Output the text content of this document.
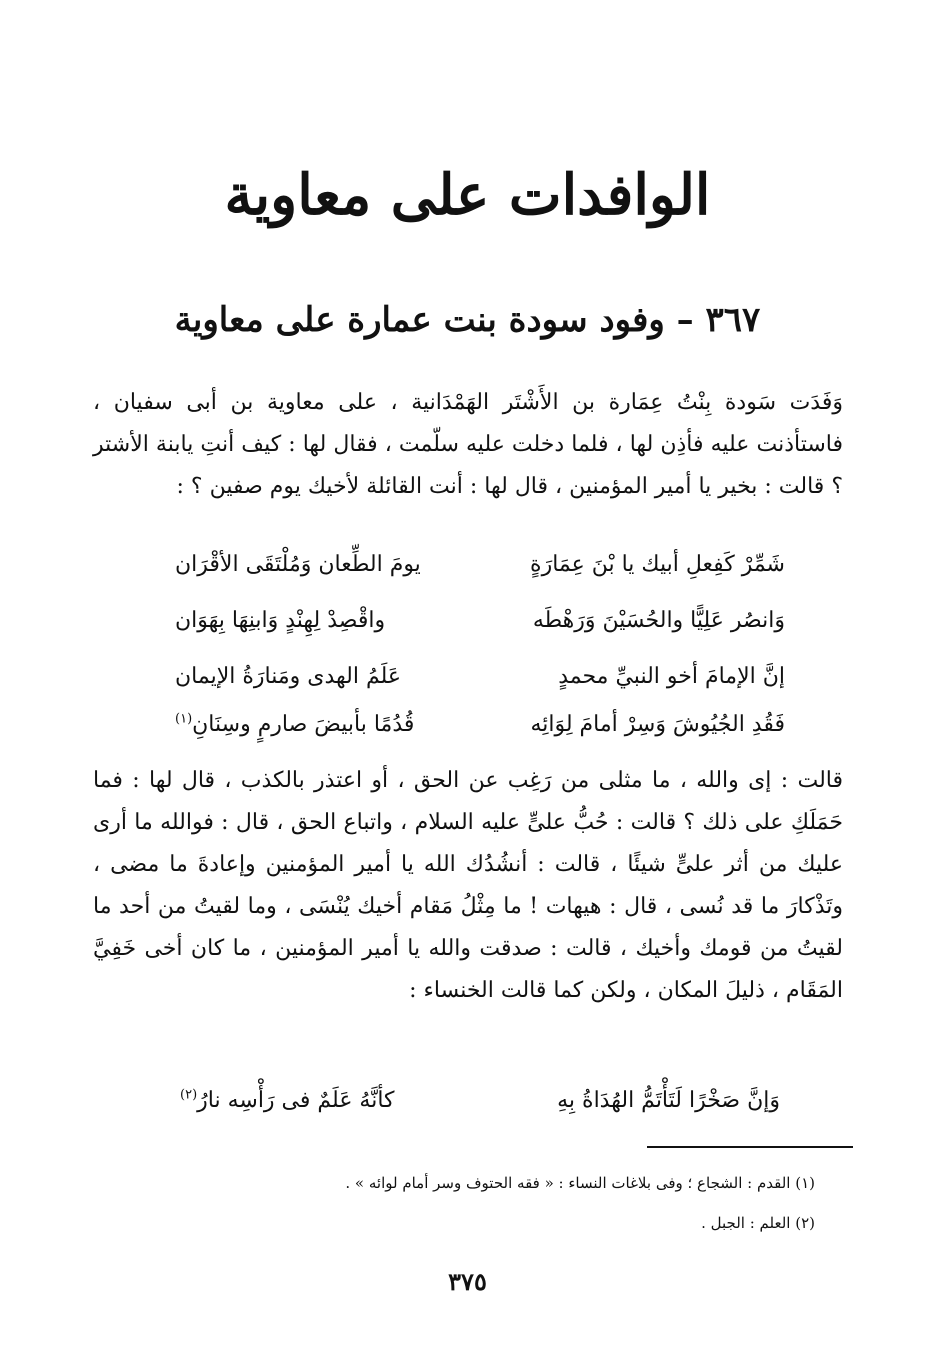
الوافدات على معاوية
٣٦٧ – وفود سودة بنت عمارة على معاوية

وَفَدَت سَودة بِنْتُ عِمَارة بن الأَشْتَر الهَمْدَانية ، على معاوية بن أبى سفيان ، فاستأذنت عليه فأذِن لها ، فلما دخلت عليه سلّمت ، فقال لها : كيف أنتِ يابنة الأشتر ؟ قالت : بخير يا أمير المؤمنين ، قال لها : أنت القائلة لأخيك يوم صفين ؟ :

شَمِّرْ كَفِعلِ أبيك يا بْنَ عِمَارَةٍ
يومَ الطِّعان وَمُلْتَقَى الأقْرَان
وَانصُر عَلِيًّا والحُسَيْنَ وَرَهْطَه
واقْصِدْ لِهِنْدٍ وَابنِهَا بِهَوَان
إنَّ الإمامَ أخو النبيِّ محمدٍ
عَلَمُ الهدى ومَنارَةُ الإيمان
فَقُدِ الجُيُوشَ وَسِرْ أمامَ لِوَائِه
قُدُمًا بأبيضَ صارمٍ وسِنَانِ$^{(١)}$

قالت : إى والله ، ما مثلى من رَغِب عن الحق ، أو اعتذر بالكذب ، قال لها : فما حَمَلَكِ على ذلك ؟ قالت : حُبُّ علىٍّ عليه السلام ، واتباع الحق ، قال : فوالله ما أرى عليك من أثر علىٍّ شيئًا ، قالت : أنشُدُك الله يا أمير المؤمنين وإعادةَ ما مضى ، وتَذْكارَ ما قد نُسى ، قال : هيهات ! ما مِثْلُ مَقام أخيك يُنْسَى ، وما لقيتُ من أحد ما لقيتُ من قومك وأخيك ، قالت : صدقت والله يا أمير المؤمنين ، ما كان أخى خَفِيَّ المَقَام ، ذليلَ المكان ، ولكن كما قالت الخنساء :

وَإنَّ صَخْرًا لَتَأْتَمُّ الهُدَاةُ بِهِ
كأنَّهُ عَلَمٌ فى رَأْسِه نارُ$^{(٢)}$
(١) القدم : الشجاع ؛ وفى بلاغات النساء : « فقه الحتوف وسر أمام لوائه » .
(٢) العلم : الجبل .
٣٧٥
